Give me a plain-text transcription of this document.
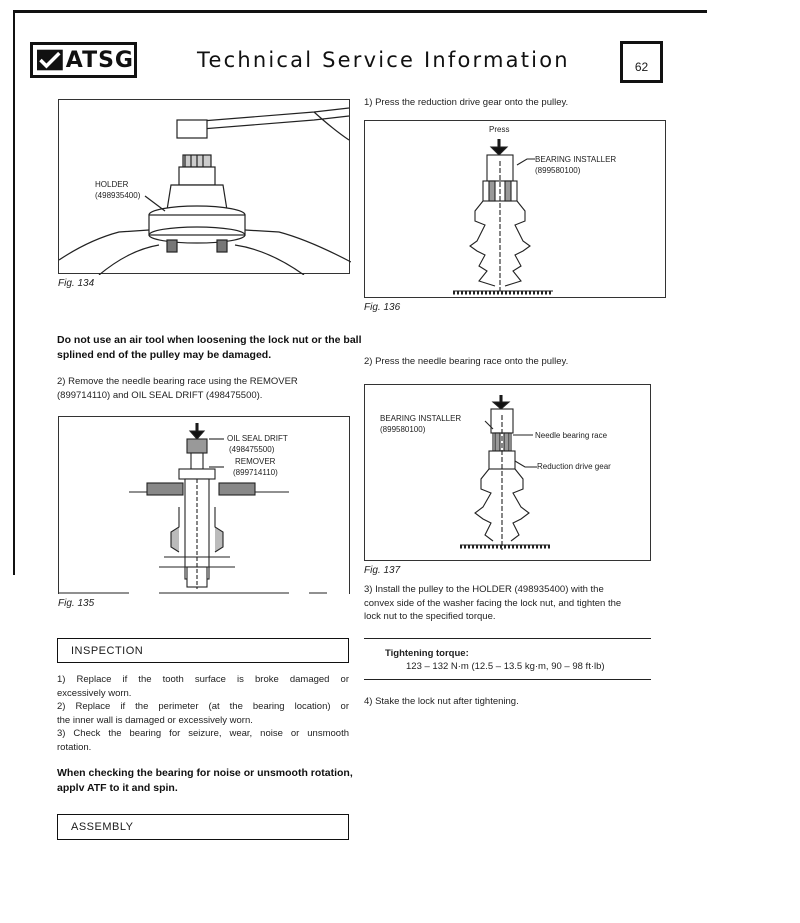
ATSG	Technical Service Information	62
HOLDER
(498935400)
Fig. 134
Do not use an air tool when loosening the lock nut or the ball
splined end of the pulley may be damaged.
2) Remove the needle bearing race using the REMOVER
(899714110) and OIL SEAL DRIFT (498475500).
OIL SEAL DRIFT
(498475500)
REMOVER
(899714110)
Fig. 135
INSPECTION
1) Replace if the tooth surface is broke damaged or
excessively worn.
2) Replace if the perimeter (at the bearing location) or
the inner wall is damaged or excessively worn.
3) Check the bearing for seizure, wear, noise or unsmooth
rotation.
When checking the bearing for noise or unsmooth rotation,
applv ATF to it and spin.
ASSEMBLY
1) Press the reduction drive gear onto the pulley.
Press
BEARING INSTALLER
(899580100)
Fig. 136
2) Press the needle bearing race onto the pulley.
BEARING INSTALLER
(899580100)
Needle bearing race
Reduction drive gear
Fig. 137
3) Install the pulley to the HOLDER (498935400) with the
convex side of the washer facing the lock nut, and tighten the
lock nut to the specified torque.
Tightening torque:
123 – 132 N·m (12.5 – 13.5 kg·m, 90 – 98 ft·lb)
4) Stake the lock nut after tightening.
